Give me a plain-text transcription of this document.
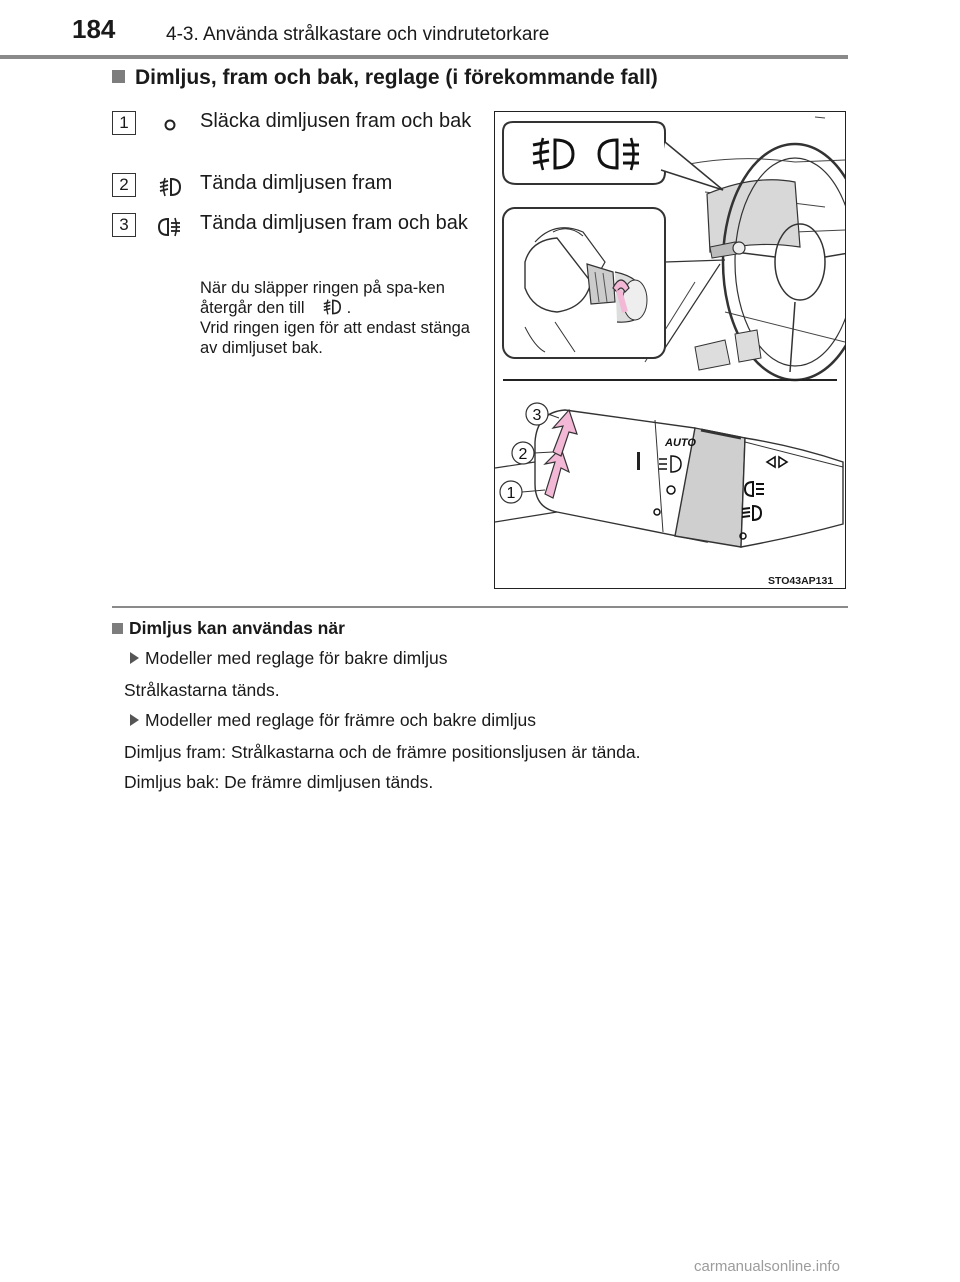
184	4-3. Använda strålkastare och vindrutetorkare
Dimljus, fram och bak, reglage (i förekommande fall)
1	Släcka dimljusen fram och bak
2	Tända dimljusen fram
3	Tända dimljusen fram och bak
När du släpper ringen på spa-ken återgår den till	.
Vrid ringen igen för att endast stänga av dimljuset bak.
AUTO
1
2
3
STO43AP131
Dimljus kan användas när
Modeller med reglage för bakre dimljus
Strålkastarna tänds.
Modeller med reglage för främre och bakre dimljus
Dimljus fram: Strålkastarna och de främre positionsljusen är tända.
Dimljus bak: De främre dimljusen tänds.
carmanualsonline.info
